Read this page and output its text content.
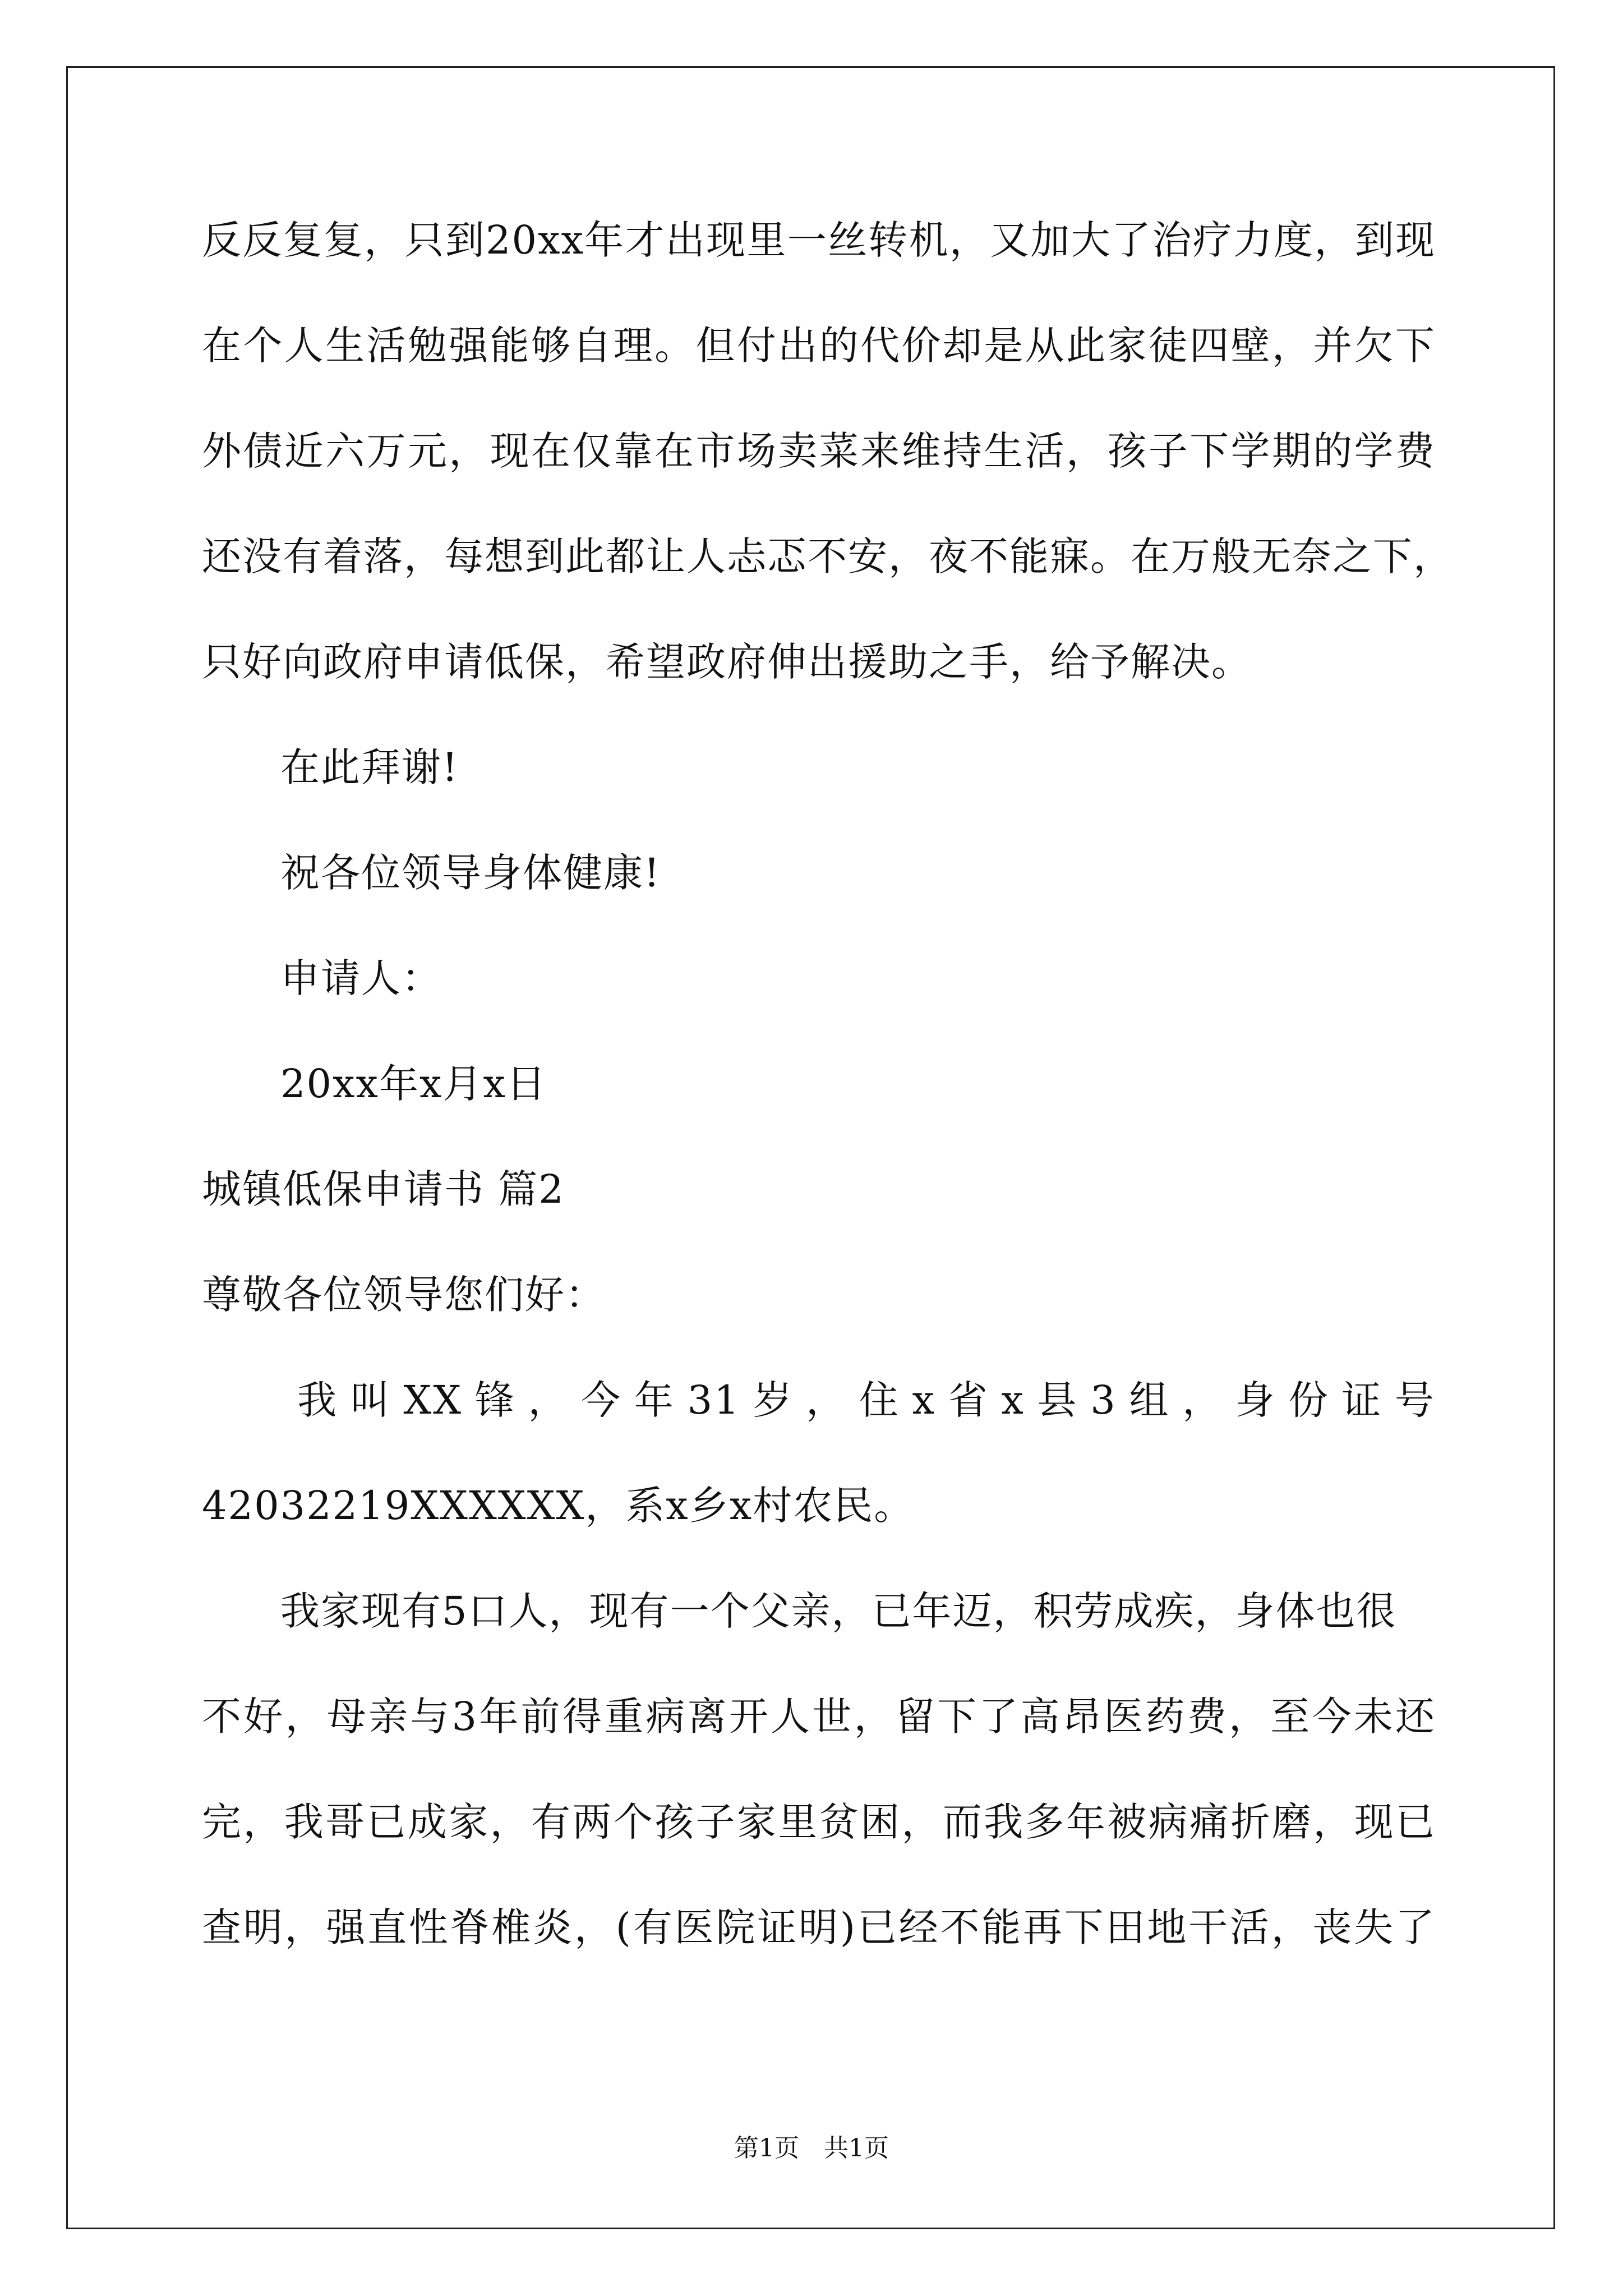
反反复复，只到20xx年才出现里一丝转机，又加大了治疗力度，到现
在个人生活勉强能够自理。但付出的代价却是从此家徒四壁，并欠下
外债近六万元，现在仅靠在市场卖菜来维持生活，孩子下学期的学费
还没有着落，每想到此都让人忐忑不安，夜不能寐。在万般无奈之下，
只好向政府申请低保，希望政府伸出援助之手，给予解决。
在此拜谢!
祝各位领导身体健康!
申请人：
20xx年x月x日
城镇低保申请书 篇2
尊敬各位领导您们好：
我叫XX锋，今年31岁，住x省x县3组，身份证号
42032219XXXXXX，系x乡x村农民。
我家现有5口人，现有一个父亲，已年迈，积劳成疾，身体也很
不好，母亲与3年前得重病离开人世，留下了高昂医药费，至今未还
完，我哥已成家，有两个孩子家里贫困，而我多年被病痛折磨，现已
查明，强直性脊椎炎，(有医院证明)已经不能再下田地干活，丧失了
第1页　共1页
